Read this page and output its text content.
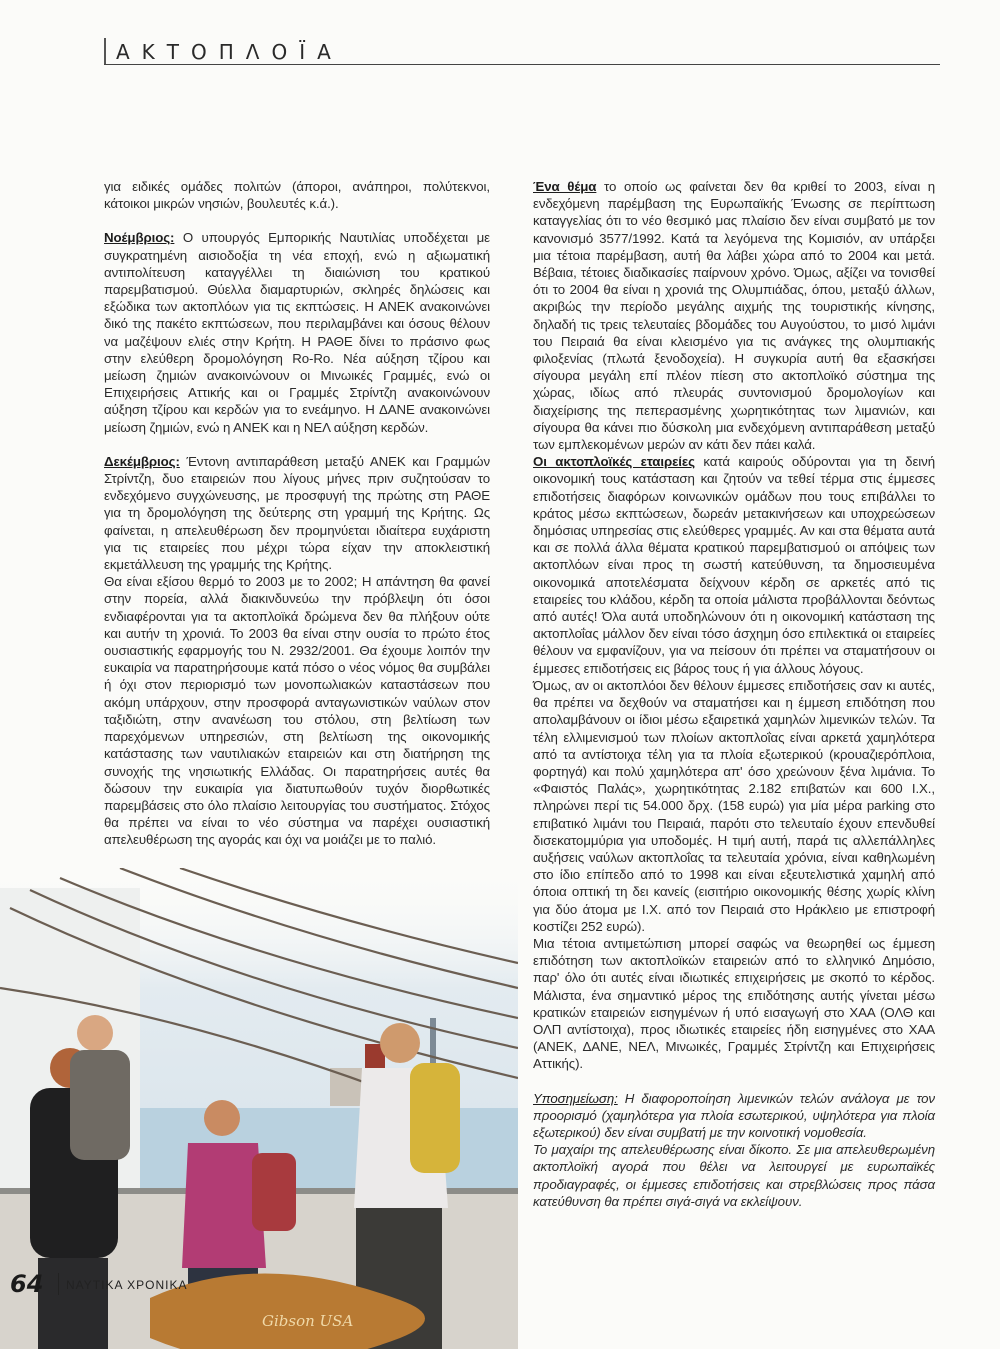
ΑΚΤΟΠΛΟΪΑ

για ειδικές ομάδες πολιτών (άποροι, ανάπηροι, πολύτεκνοι, κάτοικοι μικρών νησιών, βουλευτές κ.ά.).

Νοέμβριος: Ο υπουργός Εμπορικής Ναυτιλίας υποδέχεται με συγκρατημένη αισιοδοξία τη νέα εποχή, ενώ η αξιωματική αντιπολίτευση καταγγέλλει τη διαιώνιση του κρατικού παρεμβατισμού. Θύελλα διαμαρτυριών, σκληρές δηλώσεις και εξώδικα των ακτοπλόων για τις εκπτώσεις. Η ΑΝΕΚ ανακοινώνει δικό της πακέτο εκπτώσεων, που περιλαμβάνει και όσους θέλουν να μαζέψουν ελιές στην Κρήτη. Η ΡΑΘΕ δίνει το πράσινο φως στην ελεύθερη δρομολόγηση Ro-Ro. Νέα αύξηση τζίρου και μείωση ζημιών ανακοινώνουν οι Μινωικές Γραμμές, ενώ οι Επιχειρήσεις Αττικής και οι Γραμμές Στρίντζη ανακοινώνουν αύξηση τζίρου και κερδών για το ενεάμηνο. Η ΔΑΝΕ ανακοινώνει μείωση ζημιών, ενώ η ΑΝΕΚ και η ΝΕΛ αύξηση κερδών.

Δεκέμβριος: Έντονη αντιπαράθεση μεταξύ ΑΝΕΚ και Γραμμών Στρίντζη, δυο εταιρειών που λίγους μήνες πριν συζητούσαν το ενδεχόμενο συγχώνευσης, με προσφυγή της πρώτης στη ΡΑΘΕ για τη δρομολόγηση της δεύτερης στη γραμμή της Κρήτης. Ως φαίνεται, η απελευθέρωση δεν προμηνύεται ιδιαίτερα ευχάριστη για τις εταιρείες που μέχρι τώρα είχαν την αποκλειστική εκμετάλλευση της γραμμής της Κρήτης.

Θα είναι εξίσου θερμό το 2003 με το 2002; Η απάντηση θα φανεί στην πορεία, αλλά διακινδυνεύω την πρόβλεψη ότι όσοι ενδιαφέρονται για τα ακτοπλοϊκά δρώμενα δεν θα πλήξουν ούτε και αυτήν τη χρονιά. Το 2003 θα είναι στην ουσία το πρώτο έτος ουσιαστικής εφαρμογής του Ν. 2932/2001. Θα έχουμε λοιπόν την ευκαιρία να παρατηρήσουμε κατά πόσο ο νέος νόμος θα συμβάλει ή όχι στον περιορισμό των μονοπωλιακών καταστάσεων που ακόμη υπάρχουν, στην προσφορά ανταγωνιστικών ναύλων στον ταξιδιώτη, στην ανανέωση του στόλου, στη βελτίωση των παρεχόμενων υπηρεσιών, στη βελτίωση της οικονομικής κατάστασης των ναυτιλιακών εταιρειών και στη διατήρηση της συνοχής της νησιωτικής Ελλάδας. Οι παρατηρήσεις αυτές θα δώσουν την ευκαιρία για διατυπωθούν τυχόν διορθωτικές παρεμβάσεις στο όλο πλαίσιο λειτουργίας του συστήματος. Στόχος θα πρέπει να είναι το νέο σύστημα να παρέχει ουσιαστική απελευθέρωση της αγοράς και όχι να μοιάζει με το παλιό.

Ένα θέμα το οποίο ως φαίνεται δεν θα κριθεί το 2003, είναι η ενδεχόμενη παρέμβαση της Ευρωπαϊκής Ένωσης σε περίπτωση καταγγελίας ότι το νέο θεσμικό μας πλαίσιο δεν είναι συμβατό με τον κανονισμό 3577/1992. Κατά τα λεγόμενα της Κομισιόν, αν υπάρξει μια τέτοια παρέμβαση, αυτή θα λάβει χώρα από το 2004 και μετά. Βέβαια, τέτοιες διαδικασίες παίρνουν χρόνο. Όμως, αξίζει να τονισθεί ότι το 2004 θα είναι η χρονιά της Ολυμπιάδας, όπου, μεταξύ άλλων, ακριβώς την περίοδο μεγάλης αιχμής της τουριστικής κίνησης, δηλαδή τις τρεις τελευταίες βδομάδες του Αυγούστου, το μισό λιμάνι του Πειραιά θα είναι κλεισμένο για τις ανάγκες της ολυμπιακής φιλοξενίας (πλωτά ξενοδοχεία). Η συγκυρία αυτή θα εξασκήσει σίγουρα μεγάλη επί πλέον πίεση στο ακτοπλοϊκό σύστημα της χώρας, ιδίως από πλευράς συντονισμού δρομολογίων και διαχείρισης της πεπερασμένης χωρητικότητας των λιμανιών, και σίγουρα θα κάνει πιο δύσκολη μια ενδεχόμενη αντιπαράθεση μεταξύ των εμπλεκομένων μερών αν κάτι δεν πάει καλά.

Οι ακτοπλοϊκές εταιρείες κατά καιρούς οδύρονται για τη δεινή οικονομική τους κατάσταση και ζητούν να τεθεί τέρμα στις έμμεσες επιδοτήσεις διαφόρων κοινωνικών ομάδων που τους επιβάλλει το κράτος μέσω εκπτώσεων, δωρεάν μετακινήσεων και υποχρεώσεων δημόσιας υπηρεσίας στις ελεύθερες γραμμές. Αν και στα θέματα αυτά και σε πολλά άλλα θέματα κρατικού παρεμβατισμού οι απόψεις των ακτοπλόων είναι προς τη σωστή κατεύθυνση, τα δημοσιευμένα οικονομικά αποτελέσματα δείχνουν κέρδη σε αρκετές από τις εταιρείες του κλάδου, κέρδη τα οποία μάλιστα προβάλλονται δεόντως από αυτές! Όλα αυτά υποδηλώνουν ότι η οικονομική κατάσταση της ακτοπλοΐας μάλλον δεν είναι τόσο άσχημη όσο επιλεκτικά οι εταιρείες θέλουν να εμφανίζουν, για να πείσουν ότι πρέπει να σταματήσουν οι έμμεσες επιδοτήσεις εις βάρος τους ή για άλλους λόγους.

Όμως, αν οι ακτοπλόοι δεν θέλουν έμμεσες επιδοτήσεις σαν κι αυτές, θα πρέπει να δεχθούν να σταματήσει και η έμμεση επιδότηση που απολαμβάνουν οι ίδιοι μέσω εξαιρετικά χαμηλών λιμενικών τελών. Τα τέλη ελλιμενισμού των πλοίων ακτοπλοΐας είναι αρκετά χαμηλότερα από τα αντίστοιχα τέλη για τα πλοία εξωτερικού (κρουαζιερόπλοια, φορτηγά) και πολύ χαμηλότερα απ' όσο χρεώνουν ξένα λιμάνια. Το «Φαιστός Παλάς», χωρητικότητας 2.182 επιβατών και 600 Ι.Χ., πληρώνει περί τις 54.000 δρχ. (158 ευρώ) για μία μέρα parking στο επιβατικό λιμάνι του Πειραιά, παρότι στο τελευταίο έχουν επενδυθεί δισεκατομμύρια για υποδομές. Η τιμή αυτή, παρά τις αλλεπάλληλες αυξήσεις ναύλων ακτοπλοΐας τα τελευταία χρόνια, είναι καθηλωμένη στο ίδιο επίπεδο από το 1998 και είναι εξευτελιστικά χαμηλή από όποια οπτική τη δει κανείς (εισιτήριο οικονομικής θέσης χωρίς κλίνη για δύο άτομα με Ι.Χ. από τον Πειραιά στο Ηράκλειο με επιστροφή κοστίζει 252 ευρώ).

Μια τέτοια αντιμετώπιση μπορεί σαφώς να θεωρηθεί ως έμμεση επιδότηση των ακτοπλοϊκών εταιρειών από το ελληνικό Δημόσιο, παρ' όλο ότι αυτές είναι ιδιωτικές επιχειρήσεις με σκοπό το κέρδος. Μάλιστα, ένα σημαντικό μέρος της επιδότησης αυτής γίνεται μέσω κρατικών εταιρειών εισηγμένων ή υπό εισαγωγή στο ΧΑΑ (ΟΛΘ και ΟΛΠ αντίστοιχα), προς ιδιωτικές εταιρείες ήδη εισηγμένες στο ΧΑΑ (ΑΝΕΚ, ΔΑΝΕ, ΝΕΛ, Μινωικές, Γραμμές Στρίντζη και Επιχειρήσεις Αττικής).

Υποσημείωση: Η διαφοροποίηση λιμενικών τελών ανάλογα με τον προορισμό (χαμηλότερα για πλοία εσωτερικού, υψηλότερα για πλοία εξωτερικού) δεν είναι συμβατή με την κοινοτική νομοθεσία.

Το μαχαίρι της απελευθέρωσης είναι δίκοπο. Σε μια απελευθερωμένη ακτοπλοϊκή αγορά που θέλει να λειτουργεί με ευρωπαϊκές προδιαγραφές, οι έμμεσες επιδοτήσεις και στρεβλώσεις προς πάσα κατεύθυνση θα πρέπει σιγά-σιγά να εκλείψουν.

Gibson USA
64 ΝΑΥΤΙΚΑ ΧΡΟΝΙΚΑ
